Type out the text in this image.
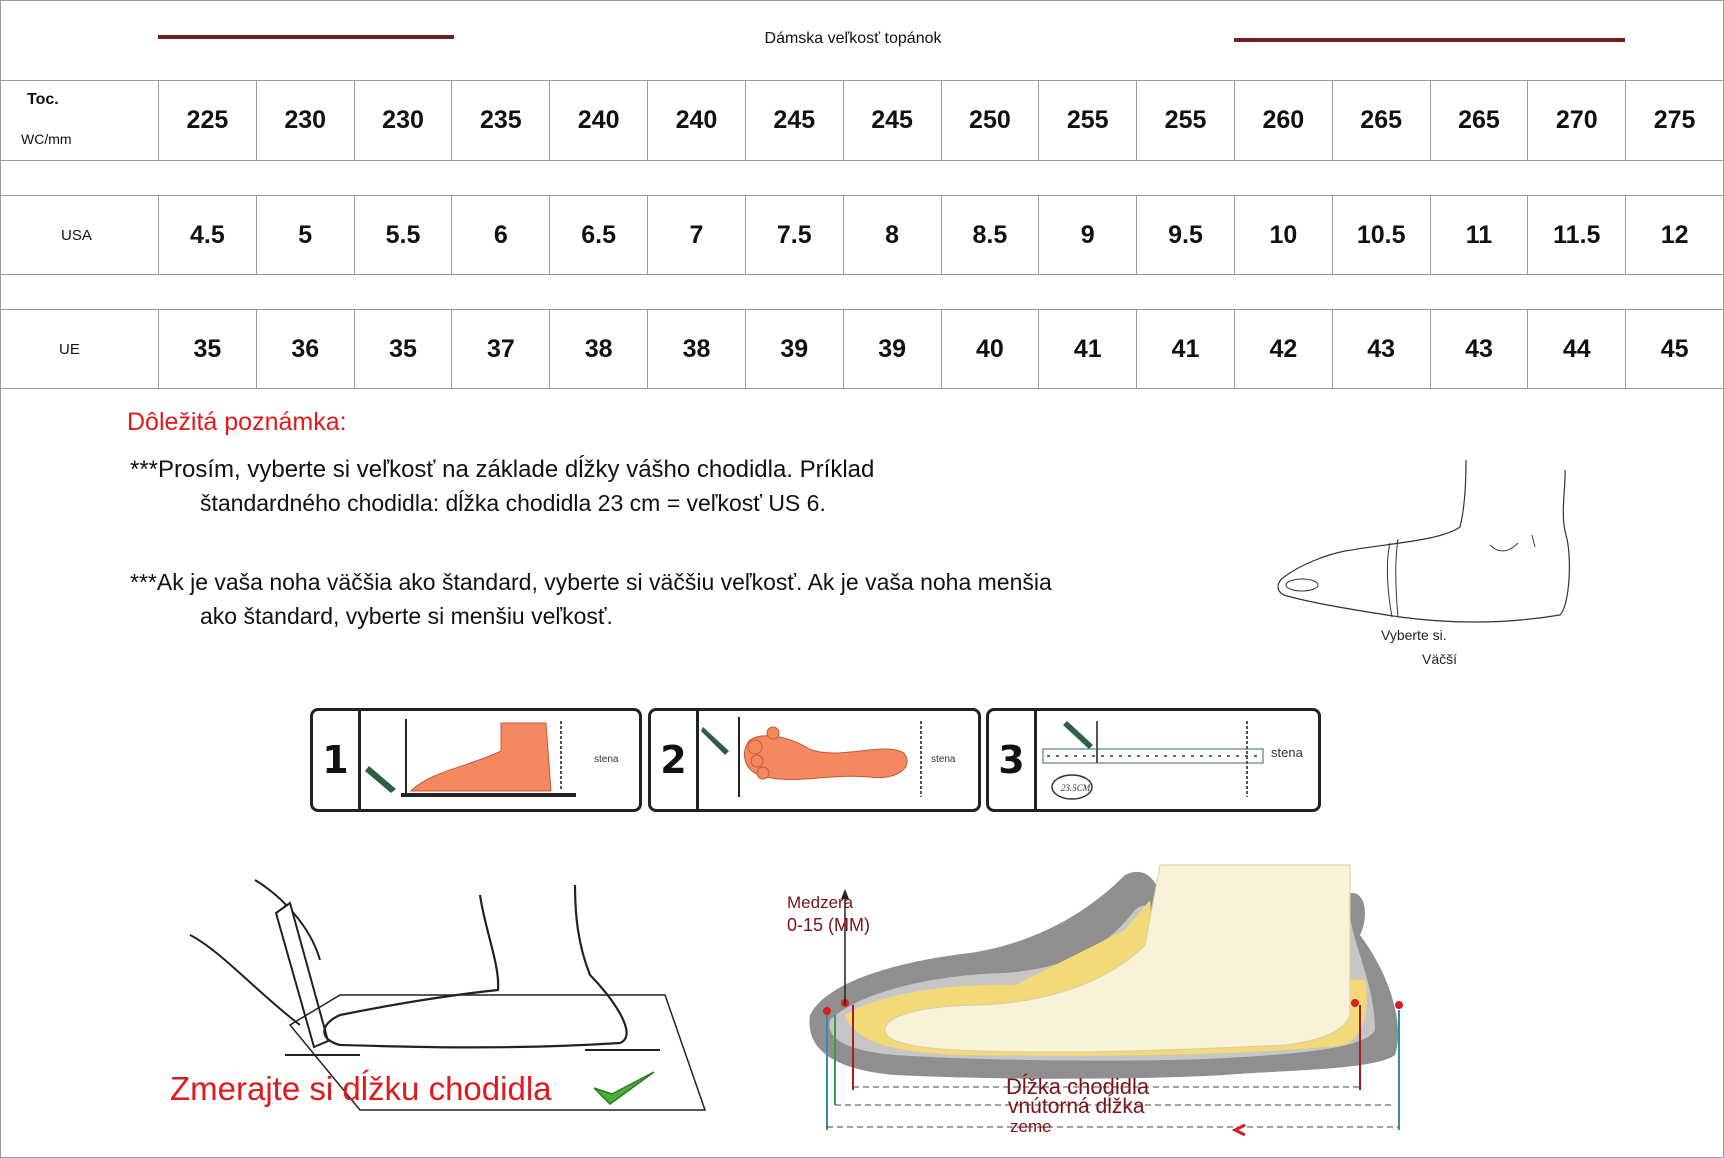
Dámska veľkosť topánok
Toc.
WC/mm	225	230	230	235	240	240	245	245	250	255	255	260	265	265	270	275

USA	4.5	5	5.5	6	6.5	7	7.5	8	8.5	9	9.5	10	10.5	11	11.5	12

UE	35	36	35	37	38	38	39	39	40	41	41	42	43	43	44	45
Dôležitá poznámka:
***Prosím, vyberte si veľkosť na základe dĺžky vášho chodidla. Príklad
štandardného chodidla: dĺžka chodidla 23 cm = veľkosť US 6.
***Ak je vaša noha väčšia ako štandard, vyberte si väčšiu veľkosť. Ak je vaša noha menšia
ako štandard, vyberte si menšiu veľkosť.
Vyberte si.
Väčší
1	stena 2	stena 3
23.5CM
stena
Zmerajte si dĺžku chodidla
Medzera
0-15 (MM)
Dĺžka chodidla
vnútorná dĺžka
zeme
